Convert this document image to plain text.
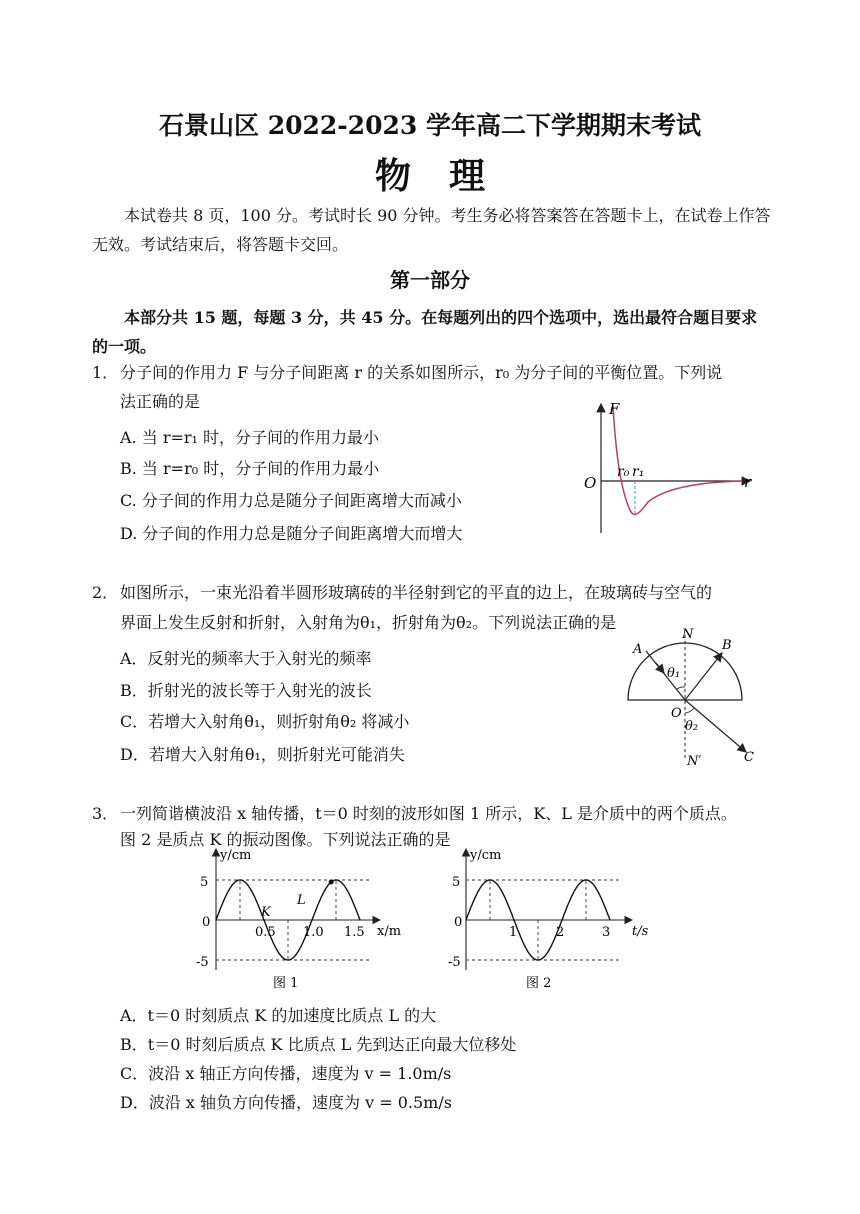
石景山区 2022-2023 学年高二下学期期末考试
物理
本试卷共 8 页，100 分。考试时长 90 分钟。考生务必将答案答在答题卡上，在试卷上作答无效。考试结束后，将答题卡交回。
第一部分
本部分共 15 题，每题 3 分，共 45 分。在每题列出的四个选项中，选出最符合题目要求的一项。
1． 分子间的作用力 F 与分子间距离 r 的关系如图所示，r₀ 为分子间的平衡位置。下列说
法正确的是
A. 当 r=r₁ 时，分子间的作用力最小
B. 当 r=r₀ 时，分子间的作用力最小
C. 分子间的作用力总是随分子间距离增大而减小
D. 分子间的作用力总是随分子间距离增大而增大
F
O	r
r₀ r₁
2． 如图所示，一束光沿着半圆形玻璃砖的半径射到它的平直的边上，在玻璃砖与空气的
界面上发生反射和折射，入射角为θ₁，折射角为θ₂。下列说法正确的是
A．反射光的频率大于入射光的频率
B．折射光的波长等于入射光的波长
C．若增大入射角θ₁，则折射角θ₂ 将减小
D．若增大入射角θ₁，则折射光可能消失
N
A	B
O
C
N′
θ₁
θ₂
3． 一列简谐横波沿 x 轴传播，t＝0 时刻的波形如图 1 所示，K、L 是介质中的两个质点。
图 2 是质点 K 的振动图像。下列说法正确的是
y/cm
x/m
5
0
-5
0.5 1.0 1.5
K
L
图 1
y/cm
t/s
5
0
-5
1	2	3
图 2
A．t＝0 时刻质点 K 的加速度比质点 L 的大
B．t＝0 时刻后质点 K 比质点 L 先到达正向最大位移处
C．波沿 x 轴正方向传播，速度为 v = 1.0m/s
D．波沿 x 轴负方向传播，速度为 v = 0.5m/s
